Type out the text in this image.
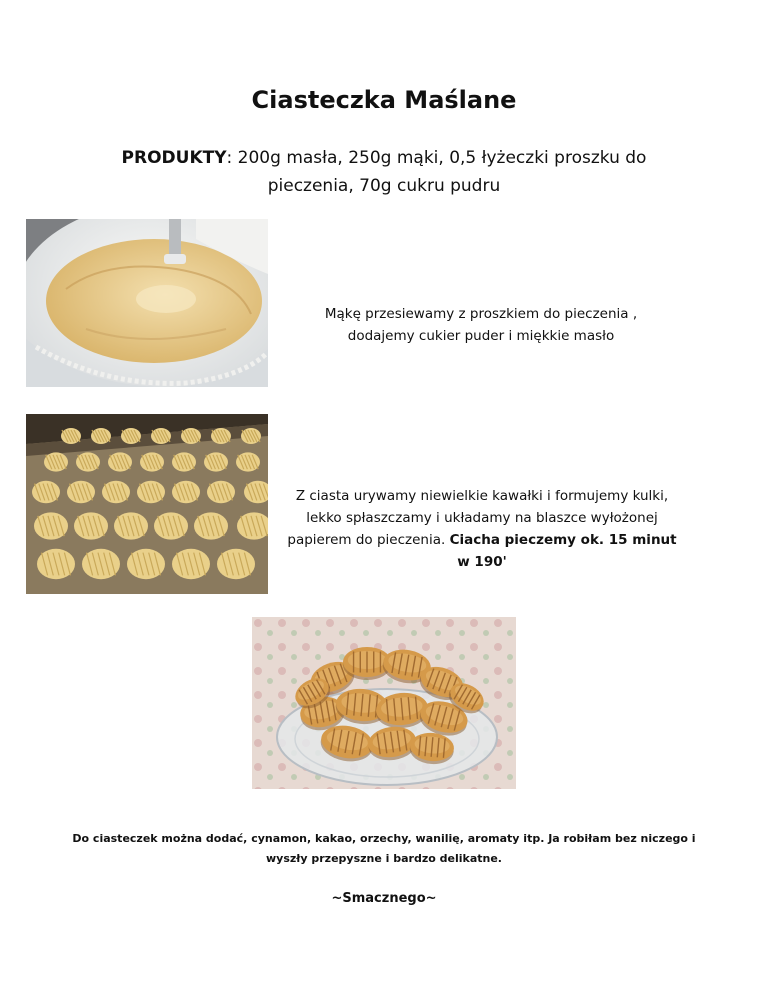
Ciasteczka Maślane
PRODUKTY: 200g masła, 250g mąki, 0,5 łyżeczki proszku do pieczenia, 70g cukru pudru
Mąkę przesiewamy z proszkiem do pieczenia , dodajemy cukier puder i miękkie masło
Z ciasta urywamy niewielkie kawałki i formujemy kulki, lekko spłaszczamy i układamy na blaszce wyłożonej papierem do pieczenia. Ciacha pieczemy ok. 15 minut w 190'
Do ciasteczek można dodać, cynamon, kakao, orzechy, wanilię, aromaty itp. Ja robiłam bez niczego i wyszły przepyszne i bardzo delikatne.
~Smacznego~
